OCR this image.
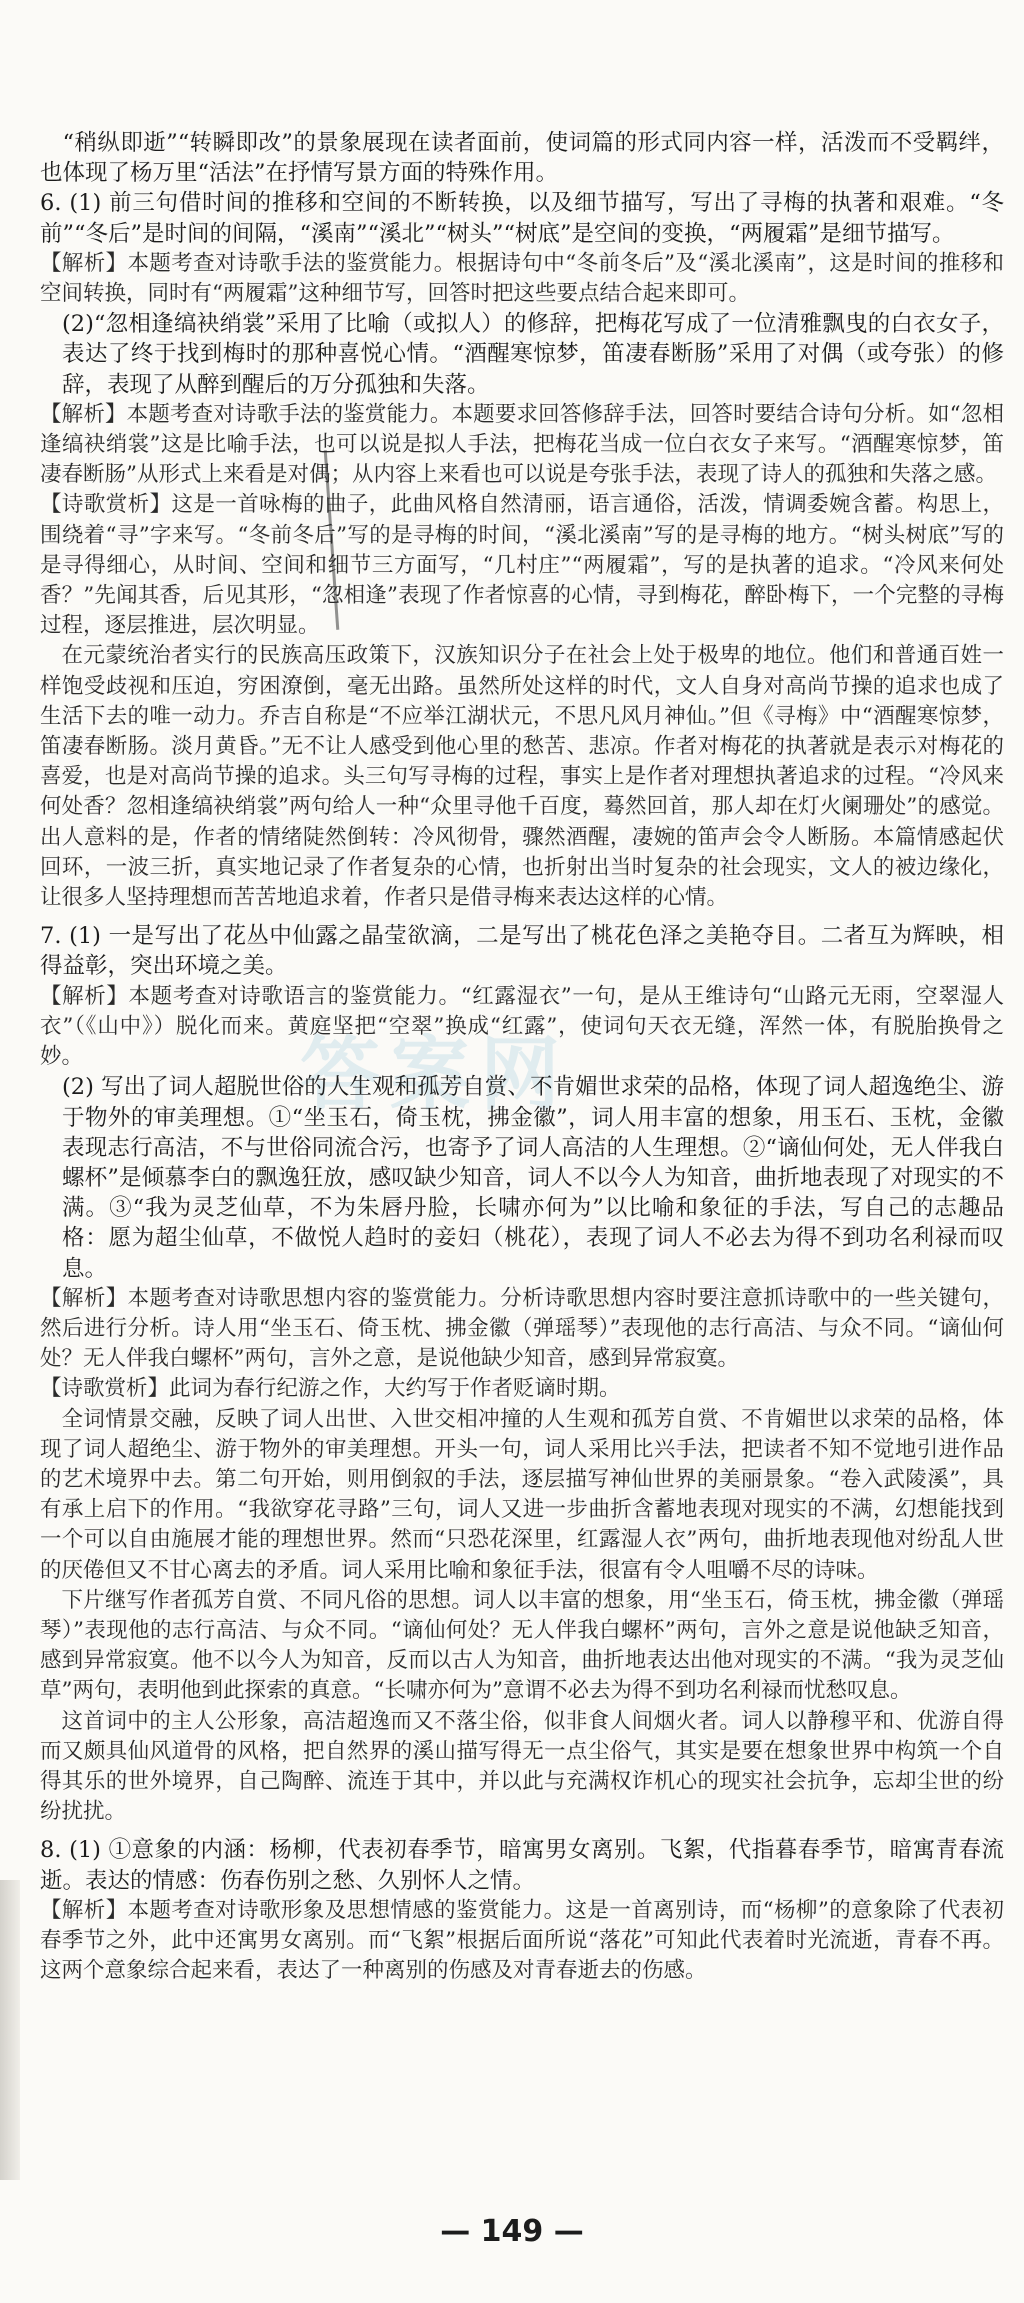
答案网

“稍纵即逝”“转瞬即改”的景象展现在读者面前，使词篇的形式同内容一样，活泼而不受羁绊，也体现了杨万里“活法”在抒情写景方面的特殊作用。

6. (1) 前三句借时间的推移和空间的不断转换，以及细节描写，写出了寻梅的执著和艰难。“冬前”“冬后”是时间的间隔，“溪南”“溪北”“树头”“树底”是空间的变换，“两履霜”是细节描写。

【解析】本题考查对诗歌手法的鉴赏能力。根据诗句中“冬前冬后”及“溪北溪南”，这是时间的推移和空间转换，同时有“两履霜”这种细节写，回答时把这些要点结合起来即可。

(2)“忽相逢缟袂绡裳”采用了比喻（或拟人）的修辞，把梅花写成了一位清雅飘曳的白衣女子，表达了终于找到梅时的那种喜悦心情。“酒醒寒惊梦，笛凄春断肠”采用了对偶（或夸张）的修辞，表现了从醉到醒后的万分孤独和失落。

【解析】本题考查对诗歌手法的鉴赏能力。本题要求回答修辞手法，回答时要结合诗句分析。如“忽相逢缟袂绡裳”这是比喻手法，也可以说是拟人手法，把梅花当成一位白衣女子来写。“酒醒寒惊梦，笛凄春断肠”从形式上来看是对偶；从内容上来看也可以说是夸张手法，表现了诗人的孤独和失落之感。

【诗歌赏析】这是一首咏梅的曲子，此曲风格自然清丽，语言通俗，活泼，情调委婉含蓄。构思上，围绕着“寻”字来写。“冬前冬后”写的是寻梅的时间，“溪北溪南”写的是寻梅的地方。“树头树底”写的是寻得细心，从时间、空间和细节三方面写，“几村庄”“两履霜”，写的是执著的追求。“冷风来何处香？”先闻其香，后见其形，“忽相逢”表现了作者惊喜的心情，寻到梅花，醉卧梅下，一个完整的寻梅过程，逐层推进，层次明显。

在元蒙统治者实行的民族高压政策下，汉族知识分子在社会上处于极卑的地位。他们和普通百姓一样饱受歧视和压迫，穷困潦倒，毫无出路。虽然所处这样的时代，文人自身对高尚节操的追求也成了生活下去的唯一动力。乔吉自称是“不应举江湖状元，不思凡风月神仙。”但《寻梅》中“酒醒寒惊梦，笛凄春断肠。淡月黄昏。”无不让人感受到他心里的愁苦、悲凉。作者对梅花的执著就是表示对梅花的喜爱，也是对高尚节操的追求。头三句写寻梅的过程，事实上是作者对理想执著追求的过程。“冷风来何处香？忽相逢缟袂绡裳”两句给人一种“众里寻他千百度，蓦然回首，那人却在灯火阑珊处”的感觉。出人意料的是，作者的情绪陡然倒转：冷风彻骨，骤然酒醒，凄婉的笛声会令人断肠。本篇情感起伏回环，一波三折，真实地记录了作者复杂的心情，也折射出当时复杂的社会现实，文人的被边缘化，让很多人坚持理想而苦苦地追求着，作者只是借寻梅来表达这样的心情。

7. (1) 一是写出了花丛中仙露之晶莹欲滴，二是写出了桃花色泽之美艳夺目。二者互为辉映，相得益彰，突出环境之美。

【解析】本题考查对诗歌语言的鉴赏能力。“红露湿衣”一句，是从王维诗句“山路元无雨，空翠湿人衣”（《山中》）脱化而来。黄庭坚把“空翠”换成“红露”，使词句天衣无缝，浑然一体，有脱胎换骨之妙。

(2) 写出了词人超脱世俗的人生观和孤芳自赏、不肯媚世求荣的品格，体现了词人超逸绝尘、游于物外的审美理想。①“坐玉石，倚玉枕，拂金徽”，词人用丰富的想象，用玉石、玉枕，金徽表现志行高洁，不与世俗同流合污，也寄予了词人高洁的人生理想。②“谪仙何处，无人伴我白螺杯”是倾慕李白的飘逸狂放，感叹缺少知音，词人不以今人为知音，曲折地表现了对现实的不满。③“我为灵芝仙草，不为朱唇丹脸，长啸亦何为”以比喻和象征的手法，写自己的志趣品格：愿为超尘仙草，不做悦人趋时的妾妇（桃花），表现了词人不必去为得不到功名利禄而叹息。

【解析】本题考查对诗歌思想内容的鉴赏能力。分析诗歌思想内容时要注意抓诗歌中的一些关键句，然后进行分析。诗人用“坐玉石、倚玉枕、拂金徽（弹瑶琴）”表现他的志行高洁、与众不同。“谪仙何处？无人伴我白螺杯”两句，言外之意，是说他缺少知音，感到异常寂寞。

【诗歌赏析】此词为春行纪游之作，大约写于作者贬谪时期。

全词情景交融，反映了词人出世、入世交相冲撞的人生观和孤芳自赏、不肯媚世以求荣的品格，体现了词人超绝尘、游于物外的审美理想。开头一句，词人采用比兴手法，把读者不知不觉地引进作品的艺术境界中去。第二句开始，则用倒叙的手法，逐层描写神仙世界的美丽景象。“卷入武陵溪”，具有承上启下的作用。“我欲穿花寻路”三句，词人又进一步曲折含蓄地表现对现实的不满，幻想能找到一个可以自由施展才能的理想世界。然而“只恐花深里，红露湿人衣”两句，曲折地表现他对纷乱人世的厌倦但又不甘心离去的矛盾。词人采用比喻和象征手法，很富有令人咀嚼不尽的诗味。

下片继写作者孤芳自赏、不同凡俗的思想。词人以丰富的想象，用“坐玉石，倚玉枕，拂金徽（弹瑶琴）”表现他的志行高洁、与众不同。“谪仙何处？无人伴我白螺杯”两句，言外之意是说他缺乏知音，感到异常寂寞。他不以今人为知音，反而以古人为知音，曲折地表达出他对现实的不满。“我为灵芝仙草”两句，表明他到此探索的真意。“长啸亦何为”意谓不必去为得不到功名利禄而忧愁叹息。

这首词中的主人公形象，高洁超逸而又不落尘俗，似非食人间烟火者。词人以静穆平和、优游自得而又颇具仙风道骨的风格，把自然界的溪山描写得无一点尘俗气，其实是要在想象世界中构筑一个自得其乐的世外境界，自己陶醉、流连于其中，并以此与充满权诈机心的现实社会抗争，忘却尘世的纷纷扰扰。

8. (1) ①意象的内涵：杨柳，代表初春季节，暗寓男女离别。飞絮，代指暮春季节，暗寓青春流逝。表达的情感：伤春伤别之愁、久别怀人之情。

【解析】本题考查对诗歌形象及思想情感的鉴赏能力。这是一首离别诗，而“杨柳”的意象除了代表初春季节之外，此中还寓男女离别。而“飞絮”根据后面所说“落花”可知此代表着时光流逝，青春不再。这两个意象综合起来看，表达了一种离别的伤感及对青春逝去的伤感。

— 149 —
